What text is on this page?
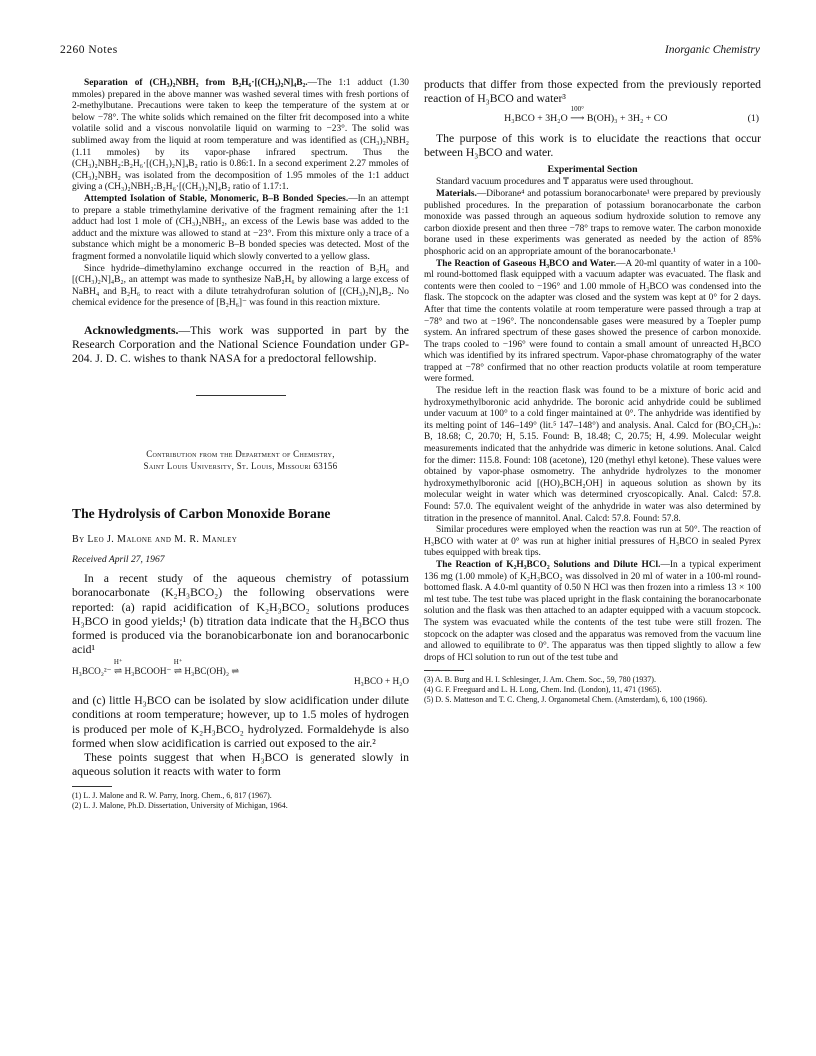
2260 Notes	Inorganic Chemistry

Separation of (CH₃)₂NBH₂ from B₂H₆·[(CH₃)₂N]₄B₂.—The 1:1 adduct (1.30 mmoles) prepared in the above manner was washed several times with fresh portions of 2-methylbutane. Precautions were taken to keep the temperature of the system at or below −78°. The white solids which remained on the filter frit decomposed into a white volatile solid and a viscous nonvolatile liquid on warming to −23°. The solid was sublimed away from the liquid at room temperature and was identified as (CH₃)₂NBH₂ (1.11 mmoles) by its vapor-phase infrared spectrum. Thus the (CH₃)₂NBH₂:B₂H₆·[(CH₃)₂N]₄B₂ ratio is 0.86:1. In a second experiment 2.27 mmoles of (CH₃)₂NBH₂ was isolated from the decomposition of 1.95 mmoles of the 1:1 adduct giving a (CH₃)₂NBH₂:B₂H₆·[(CH₃)₂N]₄B₂ ratio of 1.17:1.

Attempted Isolation of Stable, Monomeric, B–B Bonded Species.—In an attempt to prepare a stable trimethylamine derivative of the fragment remaining after the 1:1 adduct had lost 1 mole of (CH₃)₂NBH₂, an excess of the Lewis base was added to the adduct and the mixture was allowed to stand at −23°. From this mixture only a trace of a substance which might be a monomeric B–B bonded species was detected. Most of the fragment formed a nonvolatile liquid which slowly converted to a yellow glass.

Since hydride–dimethylamino exchange occurred in the reaction of B₂H₆ and [(CH₃)₂N]₄B₂, an attempt was made to synthesize NaB₂H₆ by allowing a large excess of NaBH₄ and B₂H₆ to react with a dilute tetrahydrofuran solution of [(CH₃)₂N]₄B₂. No chemical evidence for the presence of [B₂H₆]⁻ was found in this reaction mixture.

Acknowledgments.—This work was supported in part by the Research Corporation and the National Science Foundation under GP-204. J. D. C. wishes to thank NASA for a predoctoral fellowship.

Contribution from the Department of Chemistry,
Saint Louis University, St. Louis, Missouri 63156
The Hydrolysis of Carbon Monoxide Borane
By Leo J. Malone and M. R. Manley
Received April 27, 1967

In a recent study of the aqueous chemistry of potassium boranocarbonate (K₂H₃BCO₂) the following observations were reported: (a) rapid acidification of K₂H₃BCO₂ solutions produces H₃BCO in good yields;¹ (b) titration data indicate that the H₃BCO thus formed is produced via the boranobicarbonate ion and boranocarbonic acid¹

H₃BCO₂²⁻
H⁺
⇌ H₃BCOOH⁻
H⁺
⇌ H₃BC(OH)₂ ⇌
H₃BCO + H₂O

and (c) little H₃BCO can be isolated by slow acidification under dilute conditions at room temperature; however, up to 1.5 moles of hydrogen is produced per mole of K₂H₃BCO₂ hydrolyzed. Formaldehyde is also formed when slow acidification is carried out exposed to the air.²

These points suggest that when H₃BCO is generated slowly in aqueous solution it reacts with water to form

(1) L. J. Malone and R. W. Parry, Inorg. Chem., 6, 817 (1967).
(2) L. J. Malone, Ph.D. Dissertation, University of Michigan, 1964.

products that differ from those expected from the previously reported reaction of H₃BCO and water³

H₃BCO + 3H₂O
100°
⟶ B(OH)₃ + 3H₂ + CO	(1)

The purpose of this work is to elucidate the reactions that occur between H₃BCO and water.

Experimental Section

Standard vacuum procedures and ₸ apparatus were used throughout.

Materials.—Diborane⁴ and potassium boranocarbonate¹ were prepared by previously published procedures. In the preparation of potassium boranocarbonate the carbon monoxide was passed through an aqueous sodium hydroxide solution to remove any carbon dioxide present and then three −78° traps to remove water. The carbon monoxide borane used in these experiments was generated as needed by the action of 85% phosphoric acid on an appropriate amount of the boranocarbonate.¹

The Reaction of Gaseous H₃BCO and Water.—A 20-ml quantity of water in a 100-ml round-bottomed flask equipped with a vacuum adapter was evacuated. The flask and contents were then cooled to −196° and 1.00 mmole of H₃BCO was condensed into the flask. The stopcock on the adapter was closed and the system was kept at 0° for 2 days. After that time the contents volatile at room temperature were passed through a trap at −78° and two at −196°. The noncondensable gases were measured by a Toepler pump system. An infrared spectrum of these gases showed the presence of carbon monoxide. The traps cooled to −196° were found to contain a small amount of unreacted H₃BCO which was identified by its infrared spectrum. Vapor-phase chromatography of the water trapped at −78° confirmed that no other reaction products volatile at room temperature were formed.

The residue left in the reaction flask was found to be a mixture of boric acid and hydroxymethylboronic acid anhydride. The boronic acid anhydride could be sublimed under vacuum at 100° to a cold finger maintained at 0°. The anhydride was identified by its melting point of 146–149° (lit.⁵ 147–148°) and analysis. Anal. Calcd for (BO₂CH₃)ₙ: B, 18.68; C, 20.70; H, 5.15. Found: B, 18.48; C, 20.75; H, 4.99. Molecular weight measurements indicated that the anhydride was dimeric in ketone solutions. Anal. Calcd for the dimer: 115.8. Found: 108 (acetone), 120 (methyl ethyl ketone). These values were obtained by vapor-phase osmometry. The anhydride hydrolyzes to the monomer hydroxymethylboronic acid [(HO)₂BCH₂OH] in aqueous solution as shown by its molecular weight in water which was determined cryoscopically. Anal. Calcd: 57.8. Found: 57.0. The equivalent weight of the anhydride in water was also determined by titration in the presence of mannitol. Anal. Calcd: 57.8. Found: 57.8.

Similar procedures were employed when the reaction was run at 50°. The reaction of H₃BCO with water at 0° was run at higher initial pressures of H₃BCO in sealed Pyrex tubes equipped with break tips.

The Reaction of K₂H₃BCO₂ Solutions and Dilute HCl.—In a typical experiment 136 mg (1.00 mmole) of K₂H₃BCO₂ was dissolved in 20 ml of water in a 100-ml round-bottomed flask. A 4.0-ml quantity of 0.50 N HCl was then frozen into a rimless 13 × 100 ml test tube. The test tube was placed upright in the flask containing the boranocarbonate solution and the flask was then attached to an adapter equipped with a vacuum stopcock. The system was evacuated while the contents of the test tube were still frozen. The stopcock on the adapter was closed and the apparatus was removed from the vacuum line and allowed to equilibrate to 0°. The apparatus was then tipped slightly to allow a few drops of HCl solution to run out of the test tube and

(3) A. B. Burg and H. I. Schlesinger, J. Am. Chem. Soc., 59, 780 (1937).
(4) G. F. Freeguard and L. H. Long, Chem. Ind. (London), 11, 471 (1965).
(5) D. S. Matteson and T. C. Cheng, J. Organometal Chem. (Amsterdam), 6, 100 (1966).
